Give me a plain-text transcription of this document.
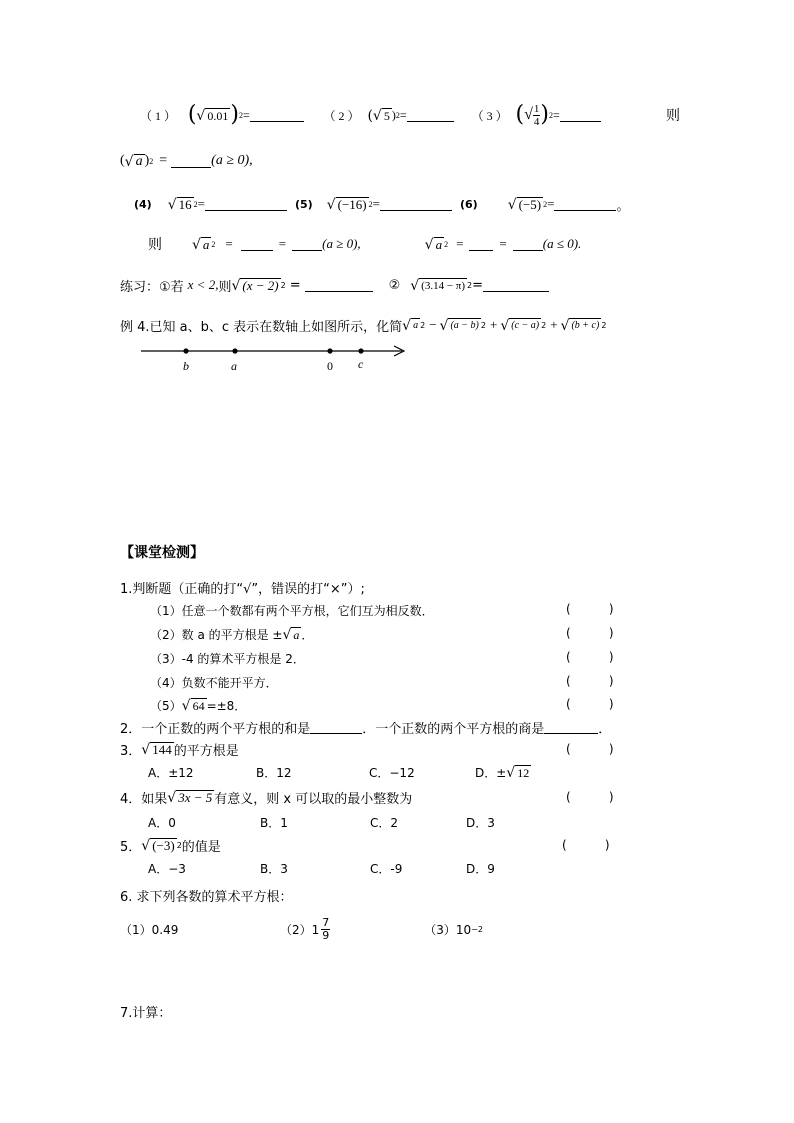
（ 1 ） ( √ 0.01 ) 2 =	（ 2 ） (√ 5 ) 2 =	（ 3 ） ( √ $\frac{1}{4}$ ) 2 =	则
( √ a ) 2 =	(a ≥ 0),
(4) √ 16 2 =	(5) √ (−16) 2 =	(6) √ (−5) 2 =	。
则 √ a 2 =	=	(a ≥ 0),	√ a 2 =	=	(a ≤ 0).
练习：①若 x < 2, 则 √ (x − 2) 2 =	② √ (3.14 − π) 2 =
例 4.已知 a、b、c 表示在数轴上如图所示，化简 √ a 2 − √ (a − b) 2 + √ (c − a) 2 + √ (b + c) 2
b	a	0 c
【课堂检测】
1.判断题（正确的打“√”，错误的打“×”）;
（1）任意一个数都有两个平方根，它们互为相反数．
（2）数 a 的平方根是 ± √ a ．
（3）-4 的算术平方根是 2．
（4）负数不能开平方．
（5） √ 64 =±8．
(          )
(          )
(          )
(          )
(          )
2．一个正数的两个平方根的和是	．一个正数的两个平方根的商是	．
3． √ 144 的平方根是	(          )
A．±12	B．12	C．−12	D．± √ 12
4．如果 √ 3x − 5 有意义，则 x 可以取的最小整数为	(          )
A．0	B．1	C．2	D．3
5． √ (−3) 2 的值是	(          )
A．−3	B．3	C．-9	D．9
6. 求下列各数的算术平方根：
（1）0.49	$(2)1 \frac{7}{9}$	（3）10 −2
7.计算：
